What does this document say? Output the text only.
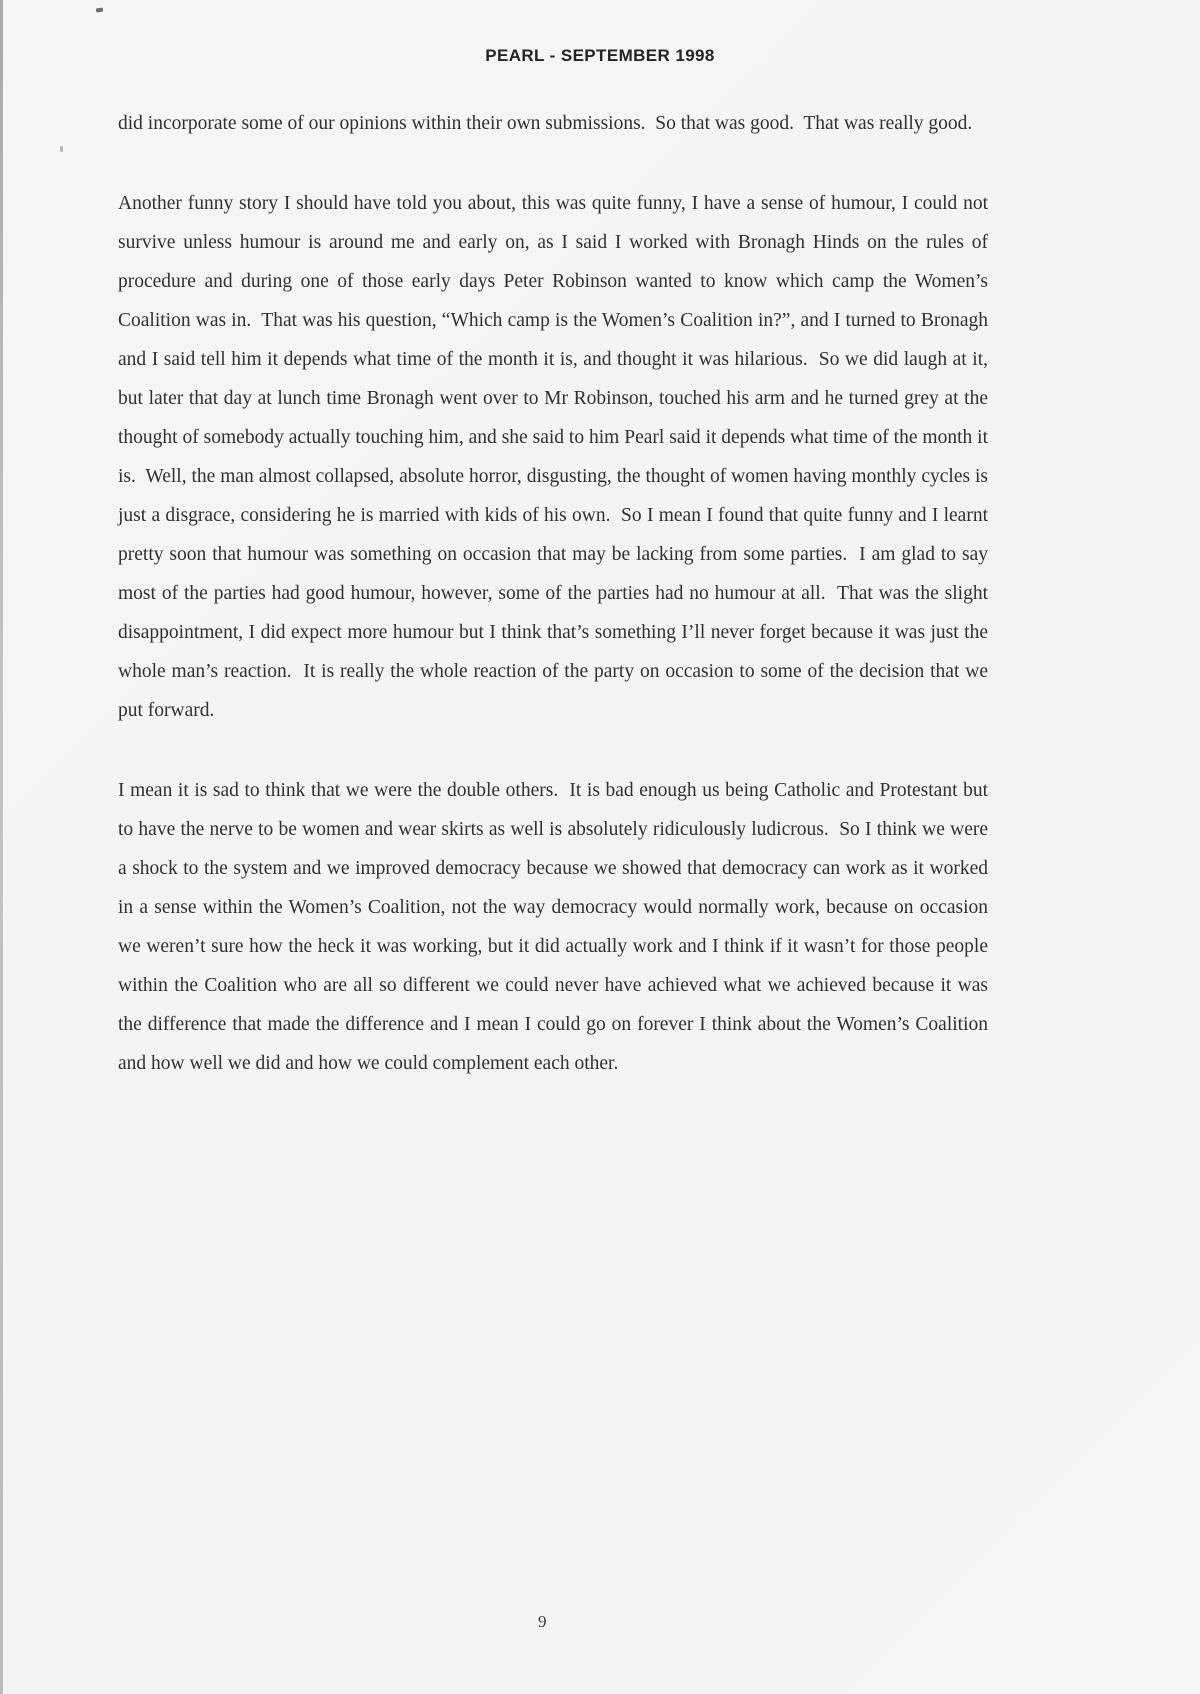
PEARL - SEPTEMBER 1998

did incorporate some of our opinions within their own submissions.  So that was good.  That was really good.

Another funny story I should have told you about, this was quite funny, I have a sense of humour, I could not survive unless humour is around me and early on, as I said I worked with Bronagh Hinds on the rules of procedure and during one of those early days Peter Robinson wanted to know which camp the Women’s Coalition was in.  That was his question, “Which camp is the Women’s Coalition in?”, and I turned to Bronagh and I said tell him it depends what time of the month it is, and thought it was hilarious.  So we did laugh at it, but later that day at lunch time Bronagh went over to Mr Robinson, touched his arm and he turned grey at the thought of somebody actually touching him, and she said to him Pearl said it depends what time of the month it is.  Well, the man almost collapsed, absolute horror, disgusting, the thought of women having monthly cycles is just a disgrace, considering he is married with kids of his own.  So I mean I found that quite funny and I learnt pretty soon that humour was something on occasion that may be lacking from some parties.  I am glad to say most of the parties had good humour, however, some of the parties had no humour at all.  That was the slight disappointment, I did expect more humour but I think that’s something I’ll never forget because it was just the whole man’s reaction.  It is really the whole reaction of the party on occasion to some of the decision that we put forward.

I mean it is sad to think that we were the double others.  It is bad enough us being Catholic and Protestant but to have the nerve to be women and wear skirts as well is absolutely ridiculously ludicrous.  So I think we were a shock to the system and we improved democracy because we showed that democracy can work as it worked in a sense within the Women’s Coalition, not the way democracy would normally work, because on occasion we weren’t sure how the heck it was working, but it did actually work and I think if it wasn’t for those people within the Coalition who are all so different we could never have achieved what we achieved because it was the difference that made the difference and I mean I could go on forever I think about the Women’s Coalition and how well we did and how we could complement each other.

9
